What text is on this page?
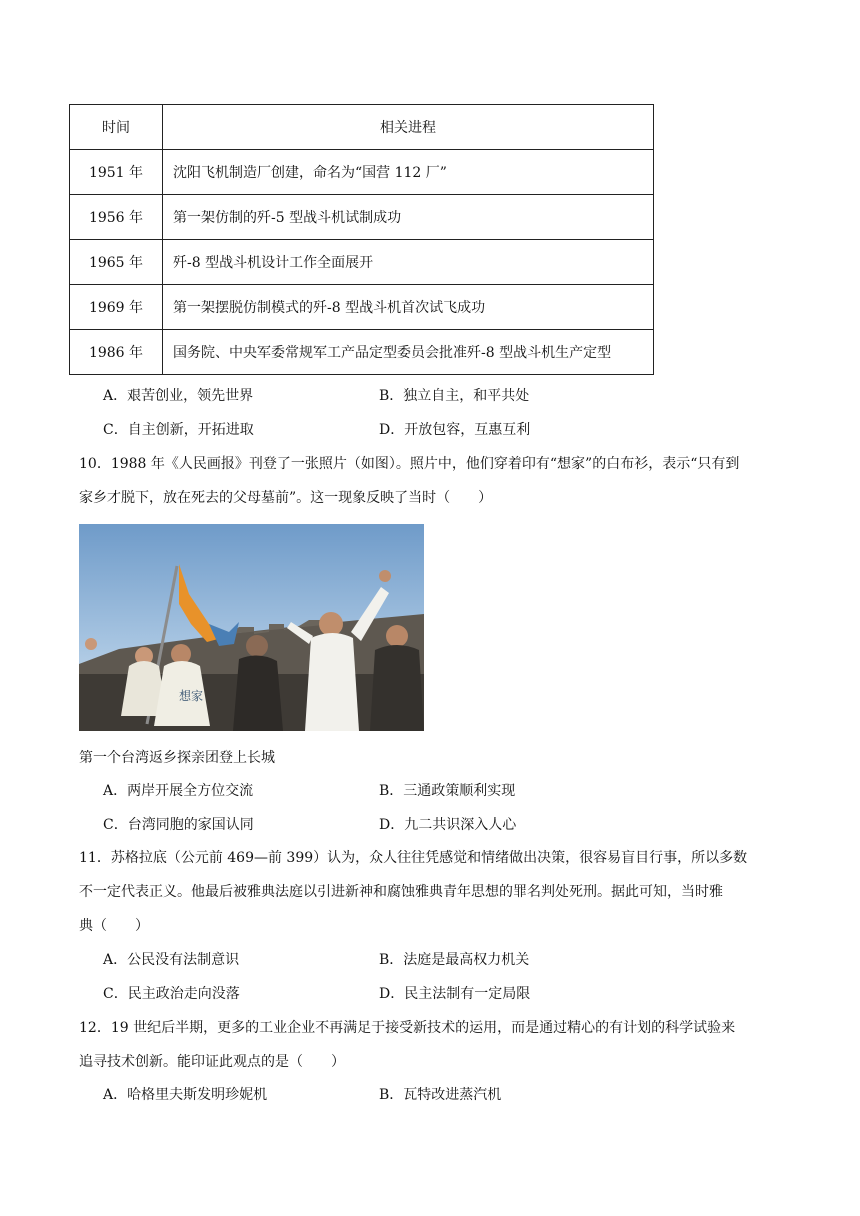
时间	相关进程
1951 年	沈阳飞机制造厂创建，命名为“国营 112 厂”
1956 年	第一架仿制的歼-5 型战斗机试制成功
1965 年	歼-8 型战斗机设计工作全面展开
1969 年	第一架摆脱仿制模式的歼-8 型战斗机首次试飞成功
1986 年	国务院、中央军委常规军工产品定型委员会批准歼-8 型战斗机生产定型
A．艰苦创业，领先世界	B．独立自主，和平共处
C．自主创新，开拓进取	D．开放包容，互惠互利
10．1988 年《人民画报》刊登了一张照片（如图）。照片中，他们穿着印有“想家”的白布衫，表示“只有到
家乡才脱下，放在死去的父母墓前”。这一现象反映了当时（　　）
想家
第一个台湾返乡探亲团登上长城
A．两岸开展全方位交流	B．三通政策顺利实现
C．台湾同胞的家国认同	D．九二共识深入人心
11．苏格拉底（公元前 469—前 399）认为，众人往往凭感觉和情绪做出决策，很容易盲目行事，所以多数
不一定代表正义。他最后被雅典法庭以引进新神和腐蚀雅典青年思想的罪名判处死刑。据此可知，当时雅
典（　　）
A．公民没有法制意识	B．法庭是最高权力机关
C．民主政治走向没落	D．民主法制有一定局限
12．19 世纪后半期，更多的工业企业不再满足于接受新技术的运用，而是通过精心的有计划的科学试验来
追寻技术创新。能印证此观点的是（　　）
A．哈格里夫斯发明珍妮机	B．瓦特改进蒸汽机
